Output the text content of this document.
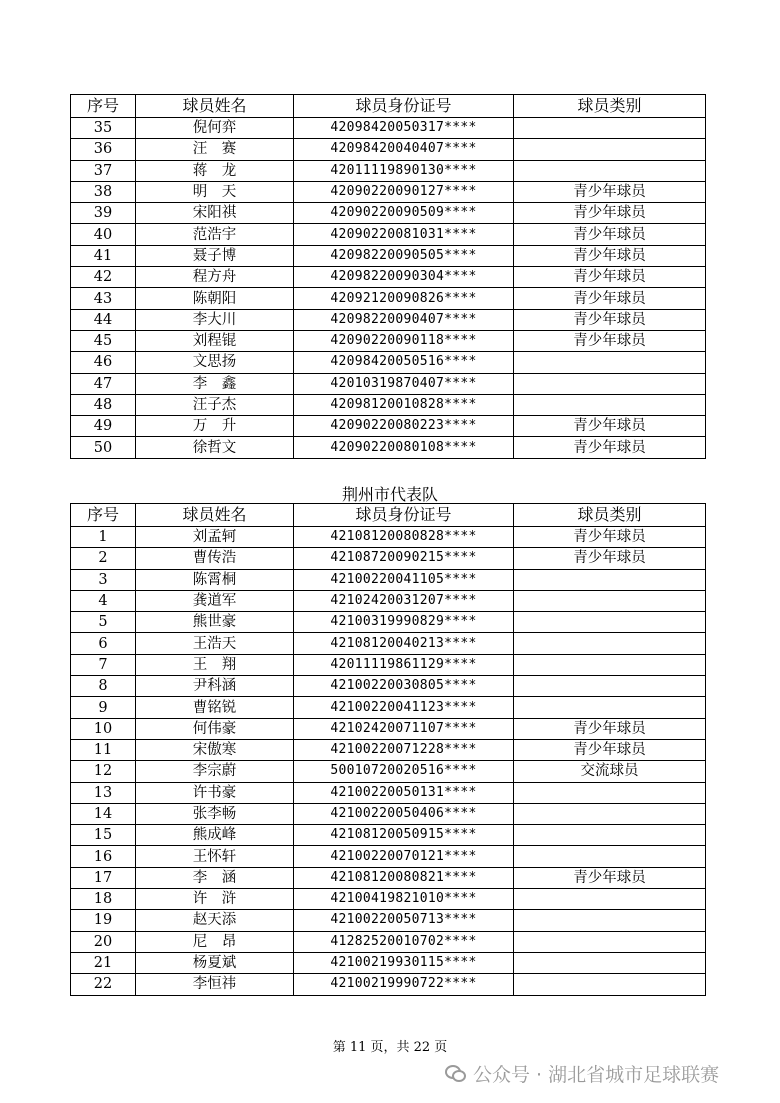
序号	球员姓名	球员身份证号	球员类别
35	倪何弈	42098420050317****	
36	汪　赛	42098420040407****	
37	蒋　龙	42011119890130****	
38	明　天	42090220090127****	青少年球员
39	宋阳祺	42090220090509****	青少年球员
40	范浩宇	42090220081031****	青少年球员
41	聂子博	42098220090505****	青少年球员
42	程方舟	42098220090304****	青少年球员
43	陈朝阳	42092120090826****	青少年球员
44	李大川	42098220090407****	青少年球员
45	刘程锟	42090220090118****	青少年球员
46	文思扬	42098420050516****	
47	李　鑫	42010319870407****	
48	汪子杰	42098120010828****	
49	万　升	42090220080223****	青少年球员
50	徐哲文	42090220080108****	青少年球员
荆州市代表队
序号	球员姓名	球员身份证号	球员类别
1	刘孟轲	42108120080828****	青少年球员
2	曹传浩	42108720090215****	青少年球员
3	陈霄桐	42100220041105****	
4	龚道军	42102420031207****	
5	熊世豪	42100319990829****	
6	王浩天	42108120040213****	
7	王　翔	42011119861129****	
8	尹科涵	42100220030805****	
9	曹铭锐	42100220041123****	
10	何伟豪	42102420071107****	青少年球员
11	宋傲寒	42100220071228****	青少年球员
12	李宗蔚	50010720020516****	交流球员
13	许书豪	42100220050131****	
14	张李畅	42100220050406****	
15	熊成峰	42108120050915****	
16	王怀轩	42100220070121****	
17	李　涵	42108120080821****	青少年球员
18	许　浒	42100419821010****	
19	赵天添	42100220050713****	
20	尼　昂	41282520010702****	
21	杨夏斌	42100219930115****	
22	李恒祎	42100219990722****	
第 11 页，共 22 页
公众号 · 湖北省城市足球联赛
